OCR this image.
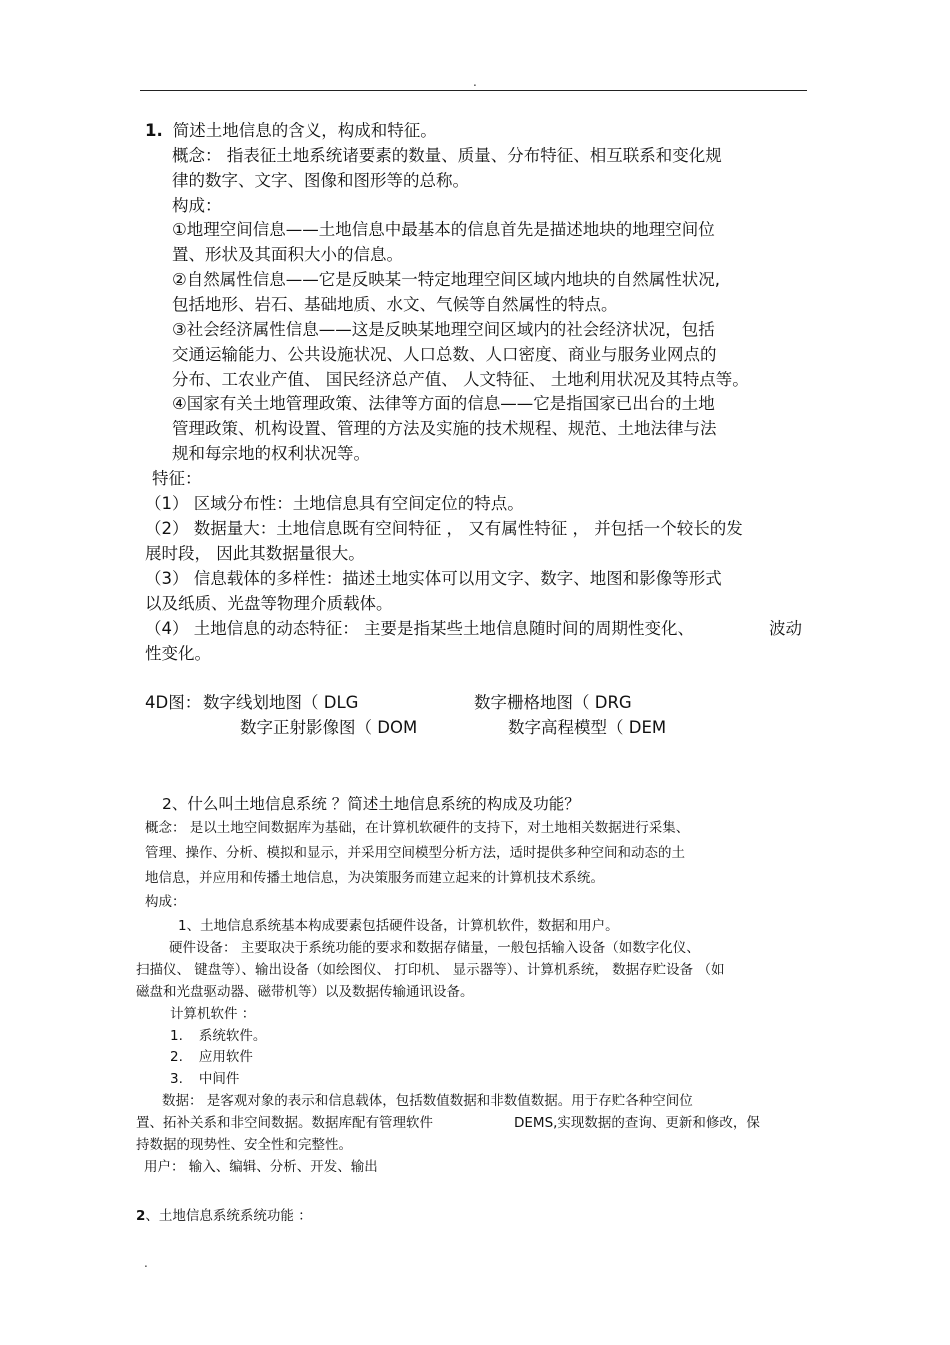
.
1. 简述土地信息的含义，构成和特征。
概念： 指表征土地系统诸要素的数量、质量、分布特征、相互联系和变化规
律的数字、文字、图像和图形等的总称。
构成：
①地理空间信息——土地信息中最基本的信息首先是描述地块的地理空间位
置、形状及其面积大小的信息。
②自然属性信息——它是反映某一特定地理空间区域内地块的自然属性状况,
包括地形、岩石、基础地质、水文、气候等自然属性的特点。
③社会经济属性信息——这是反映某地理空间区域内的社会经济状况，包括
交通运输能力、公共设施状况、人口总数、人口密度、商业与服务业网点的
分布、工农业产值、 国民经济总产值、 人文特征、 土地利用状况及其特点等。
④国家有关土地管理政策、法律等方面的信息——它是指国家已出台的土地
管理政策、机构设置、管理的方法及实施的技术规程、规范、土地法律与法
规和每宗地的权利状况等。
特征：
（1） 区域分布性：土地信息具有空间定位的特点。
（2） 数据量大：土地信息既有空间特征 ， 又有属性特征 ， 并包括一个较长的发
展时段， 因此其数据量很大。
（3） 信息载体的多样性：描述土地实体可以用文字、数字、地图和影像等形式
以及纸质、光盘等物理介质载体。
（4） 土地信息的动态特征： 主要是指某些土地信息随时间的周期性变化、	波动
性变化。
4D图： 数字线划地图（ DLG	数字栅格地图（ DRG
数字正射影像图（ DOM	数字高程模型（ DEM
2、什么叫土地信息系统 ？简述土地信息系统的构成及功能？
概念： 是以土地空间数据库为基础，在计算机软硬件的支持下，对土地相关数据进行采集、
管理、操作、分析、模拟和显示，并采用空间模型分析方法，适时提供多种空间和动态的土
地信息，并应用和传播土地信息，为决策服务而建立起来的计算机技术系统。
构成：
1、土地信息系统基本构成要素包括硬件设备，计算机软件，数据和用户。
硬件设备： 主要取决于系统功能的要求和数据存储量，一般包括输入设备（如数字化仪、
扫描仪、 键盘等）、输出设备（如绘图仪、 打印机、 显示器等）、计算机系统， 数据存贮设备 （如
磁盘和光盘驱动器、磁带机等）以及数据传输通讯设备。
计算机软件 ：
1. 系统软件。
2. 应用软件
3. 中间件
数据： 是客观对象的表示和信息载体，包括数值数据和非数值数据。用于存贮各种空间位
置、拓补关系和非空间数据。数据库配有管理软件	DEMS,实现数据的查询、更新和修改，保
持数据的现势性、安全性和完整性。
用户： 输入、编辑、分析、开发、输出
2、土地信息系统系统功能 ：
.
